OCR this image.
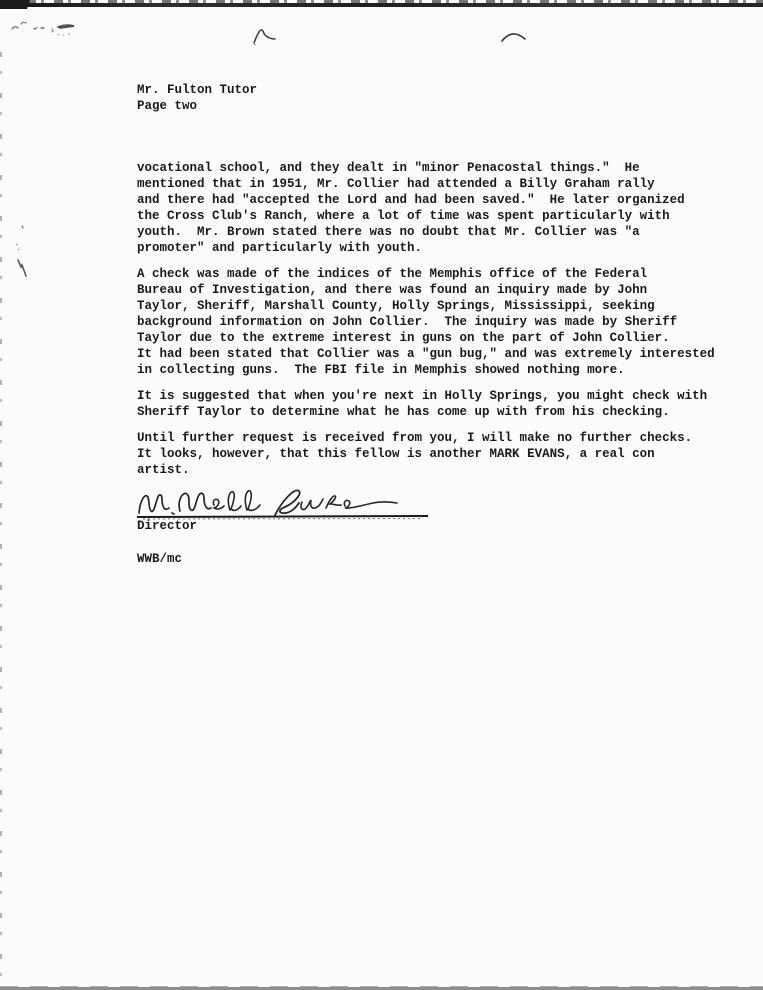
Mr. Fulton Tutor
Page two
vocational school, and they dealt in "minor Penacostal things."  He
mentioned that in 1951, Mr. Collier had attended a Billy Graham rally
and there had "accepted the Lord and had been saved."  He later organized
the Cross Club's Ranch, where a lot of time was spent particularly with
youth.  Mr. Brown stated there was no doubt that Mr. Collier was "a
promoter" and particularly with youth.
A check was made of the indices of the Memphis office of the Federal
Bureau of Investigation, and there was found an inquiry made by John
Taylor, Sheriff, Marshall County, Holly Springs, Mississippi, seeking
background information on John Collier.  The inquiry was made by Sheriff
Taylor due to the extreme interest in guns on the part of John Collier.
It had been stated that Collier was a "gun bug," and was extremely interested
in collecting guns.  The FBI file in Memphis showed nothing more.
It is suggested that when you're next in Holly Springs, you might check with
Sheriff Taylor to determine what he has come up with from his checking.
Until further request is received from you, I will make no further checks.
It looks, however, that this fellow is another MARK EVANS, a real con
artist.
Director
WWB/mc
